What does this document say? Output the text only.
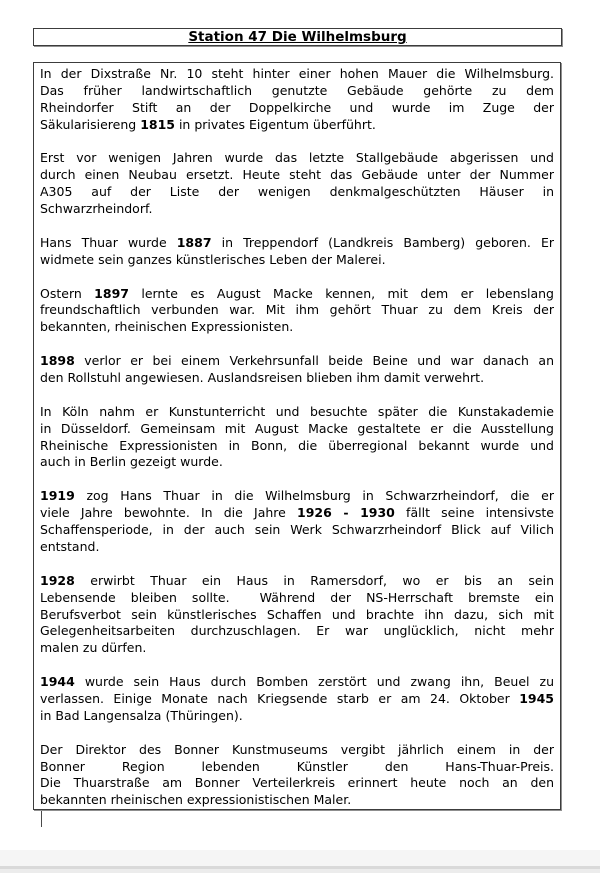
Station 47 Die Wilhelmsburg
In der Dixstraße Nr. 10 steht hinter einer hohen Mauer die Wilhelmsburg.
Das früher landwirtschaftlich genutzte Gebäude gehörte zu dem
Rheindorfer Stift an der Doppelkirche und wurde im Zuge der
Säkularisiereng 1815 in privates Eigentum überführt.
Erst vor wenigen Jahren wurde das letzte Stallgebäude abgerissen und
durch einen Neubau ersetzt. Heute steht das Gebäude unter der Nummer
A305 auf der Liste der wenigen denkmalgeschützten Häuser in
Schwarzrheindorf.
Hans Thuar wurde 1887 in Treppendorf (Landkreis Bamberg) geboren. Er
widmete sein ganzes künstlerisches Leben der Malerei.
Ostern 1897 lernte es August Macke kennen, mit dem er lebenslang
freundschaftlich verbunden war. Mit ihm gehört Thuar zu dem Kreis der
bekannten, rheinischen Expressionisten.
1898 verlor er bei einem Verkehrsunfall beide Beine und war danach an
den Rollstuhl angewiesen. Auslandsreisen blieben ihm damit verwehrt.
In Köln nahm er Kunstunterricht und besuchte später die Kunstakademie
in Düsseldorf. Gemeinsam mit August Macke gestaltete er die Ausstellung
Rheinische Expressionisten in Bonn, die überregional bekannt wurde und
auch in Berlin gezeigt wurde.
1919 zog Hans Thuar in die Wilhelmsburg in Schwarzrheindorf, die er
viele Jahre bewohnte. In die Jahre 1926 - 1930 fällt seine intensivste
Schaffensperiode, in der auch sein Werk Schwarzrheindorf Blick auf Vilich
entstand.
1928 erwirbt Thuar ein Haus in Ramersdorf, wo er bis an sein
Lebensende bleiben sollte.  Während der NS-Herrschaft bremste ein
Berufsverbot sein künstlerisches Schaffen und brachte ihn dazu, sich mit
Gelegenheitsarbeiten durchzuschlagen. Er war unglücklich, nicht mehr
malen zu dürfen.
1944 wurde sein Haus durch Bomben zerstört und zwang ihn, Beuel zu
verlassen. Einige Monate nach Kriegsende starb er am 24. Oktober 1945
in Bad Langensalza (Thüringen).
Der Direktor des Bonner Kunstmuseums vergibt jährlich einem in der
Bonner Region lebenden Künstler den Hans-Thuar-Preis.
Die Thuarstraße am Bonner Verteilerkreis erinnert heute noch an den
bekannten rheinischen expressionistischen Maler.
